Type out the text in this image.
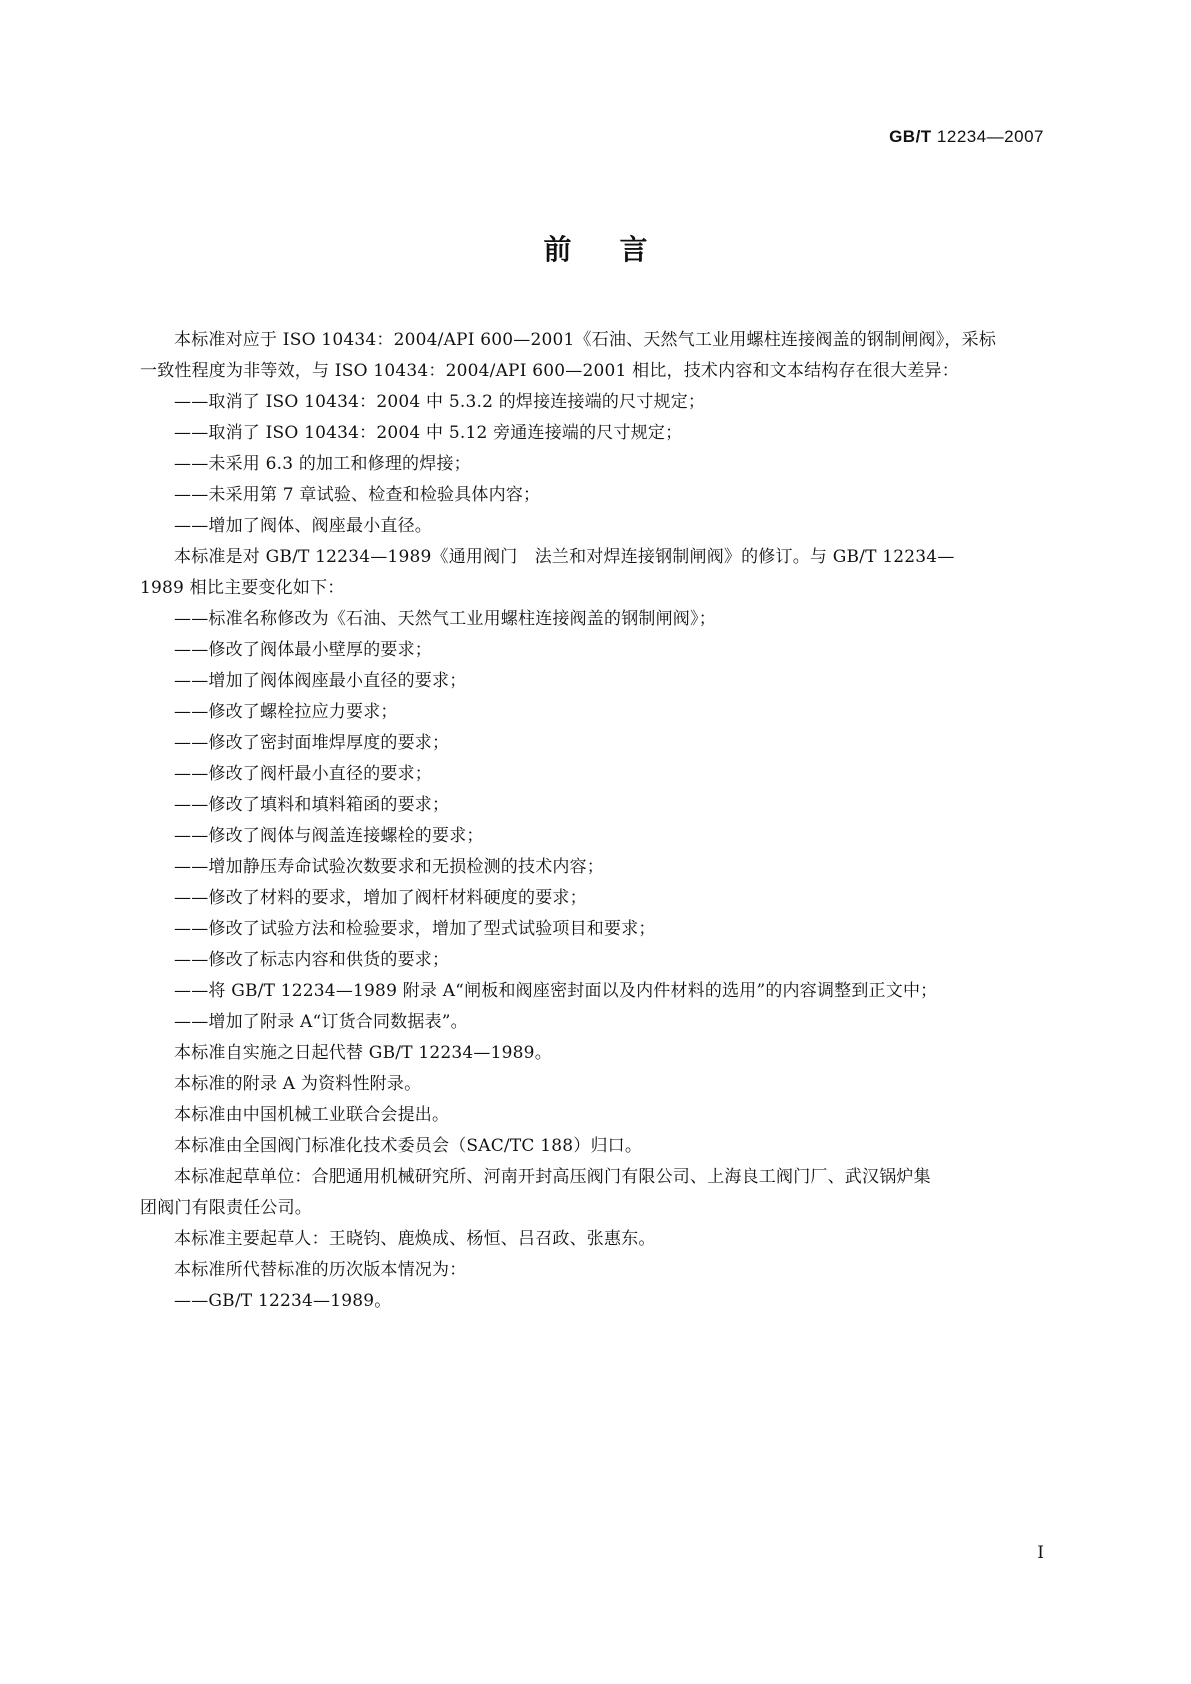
GB/T 12234—2007
前言

本标准对应于 ISO 10434：2004/API 600—2001《石油、天然气工业用螺柱连接阀盖的钢制闸阀》，采标

一致性程度为非等效，与 ISO 10434：2004/API 600—2001 相比，技术内容和文本结构存在很大差异：

——取消了 ISO 10434：2004 中 5.3.2 的焊接连接端的尺寸规定；

——取消了 ISO 10434：2004 中 5.12 旁通连接端的尺寸规定；

——未采用 6.3 的加工和修理的焊接；

——未采用第 7 章试验、检查和检验具体内容；

——增加了阀体、阀座最小直径。

本标准是对 GB/T 12234—1989《通用阀门　法兰和对焊连接钢制闸阀》的修订。与 GB/T 12234—

1989 相比主要变化如下：

——标准名称修改为《石油、天然气工业用螺柱连接阀盖的钢制闸阀》；

——修改了阀体最小壁厚的要求；

——增加了阀体阀座最小直径的要求；

——修改了螺栓拉应力要求；

——修改了密封面堆焊厚度的要求；

——修改了阀杆最小直径的要求；

——修改了填料和填料箱函的要求；

——修改了阀体与阀盖连接螺栓的要求；

——增加静压寿命试验次数要求和无损检测的技术内容；

——修改了材料的要求，增加了阀杆材料硬度的要求；

——修改了试验方法和检验要求，增加了型式试验项目和要求；

——修改了标志内容和供货的要求；

——将 GB/T 12234—1989 附录 A“闸板和阀座密封面以及内件材料的选用”的内容调整到正文中；

——增加了附录 A“订货合同数据表”。

本标准自实施之日起代替 GB/T 12234—1989。

本标准的附录 A 为资料性附录。

本标准由中国机械工业联合会提出。

本标准由全国阀门标准化技术委员会（SAC/TC 188）归口。

本标准起草单位：合肥通用机械研究所、河南开封高压阀门有限公司、上海良工阀门厂、武汉锅炉集

团阀门有限责任公司。

本标准主要起草人：王晓钧、鹿焕成、杨恒、吕召政、张惠东。

本标准所代替标准的历次版本情况为：

——GB/T 12234—1989。

I
